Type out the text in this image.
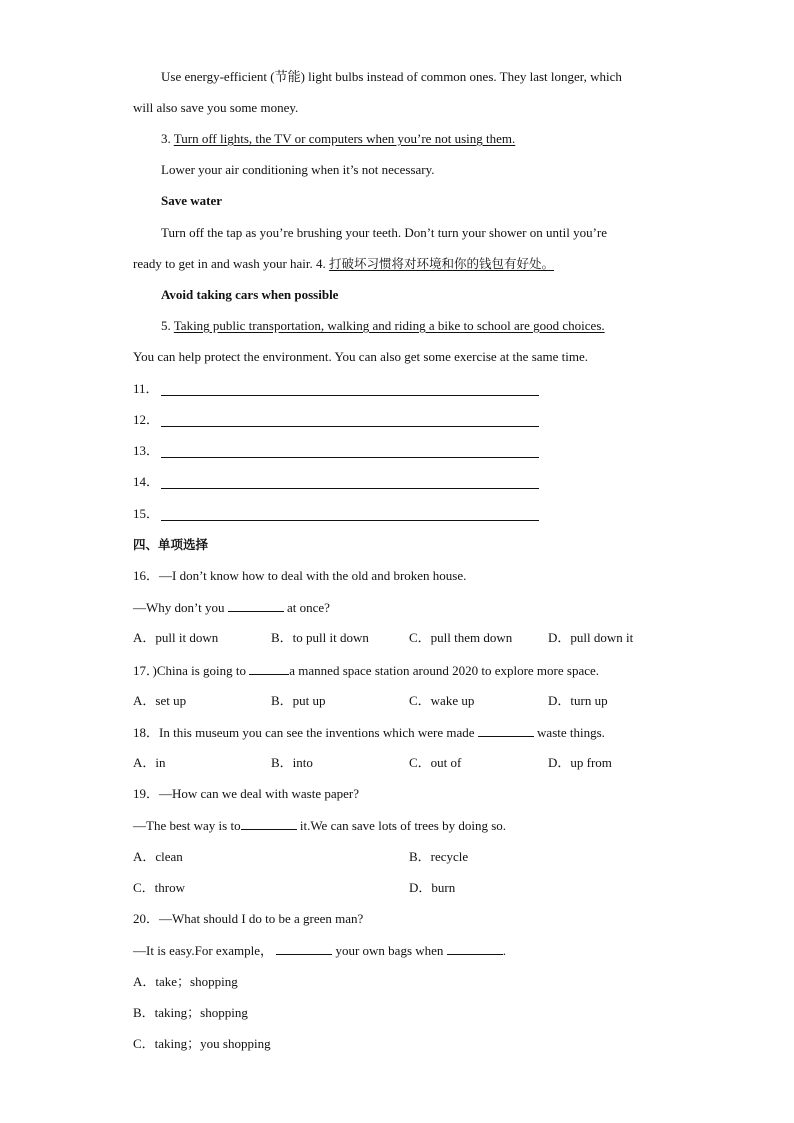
Use energy-efficient (节能) light bulbs instead of common ones. They last longer, which
will also save you some money.
3. Turn off lights, the TV or computers when you’re not using them.
Lower your air conditioning when it’s not necessary.
Save water
Turn off the tap as you’re brushing your teeth. Don’t turn your shower on until you’re
ready to get in and wash your hair. 4. 打破坏习惯将对环境和你的钱包有好处。
Avoid taking cars when possible
5. Taking public transportation, walking and riding a bike to school are good choices.
You can help protect the environment. You can also get some exercise at the same time.
11．
12．
13．
14．
15．
四、单项选择
16．—I don’t know how to deal with the old and broken house.
—Why don’t you	at once?
A．pull it down	B．to pull it down	C．pull them down	D．pull down it
17．)China is going to	a manned space station around 2020 to explore more space.
A．set up	B．put up	C．wake up	D．turn up
18．In this museum you can see the inventions which were made	waste things.
A．in	B．into	C．out of	D．up from
19．—How can we deal with waste paper?
—The best way is to	it.We can save lots of trees by doing so.
A．clean	B．recycle
C．throw	D．burn
20．—What should I do to be a green man?
—It is easy.For example，	your own bags when	.
A．take；shopping
B．taking；shopping
C．taking；you shopping
